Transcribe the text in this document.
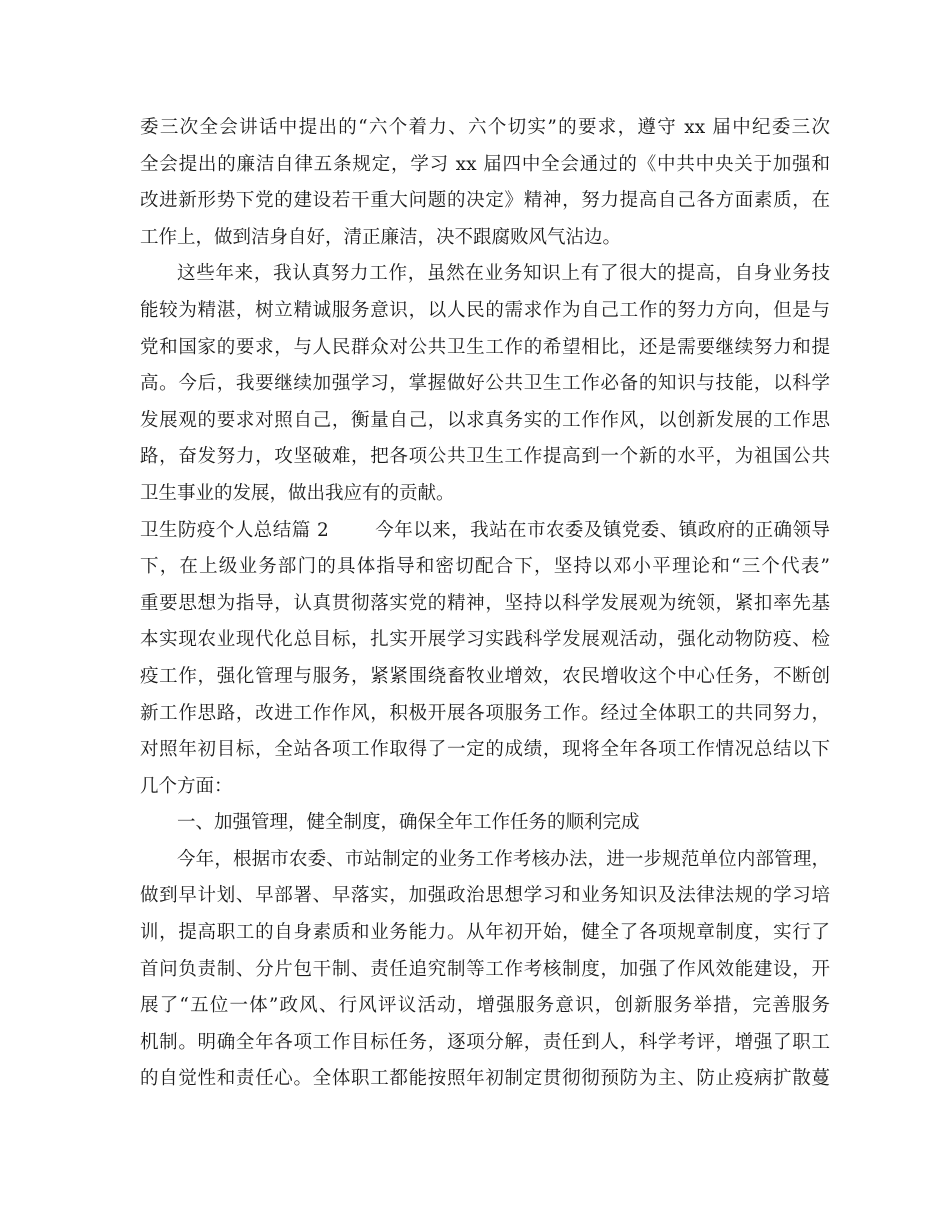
委三次全会讲话中提出的“六个着力、六个切实”的要求，遵守 xx 届中纪委三次
全会提出的廉洁自律五条规定，学习 xx 届四中全会通过的《中共中央关于加强和
改进新形势下党的建设若干重大问题的决定》精神，努力提高自己各方面素质，在
工作上，做到洁身自好，清正廉洁，决不跟腐败风气沾边。
这些年来，我认真努力工作，虽然在业务知识上有了很大的提高，自身业务技
能较为精湛，树立精诚服务意识，以人民的需求作为自己工作的努力方向，但是与
党和国家的要求，与人民群众对公共卫生工作的希望相比，还是需要继续努力和提
高。今后，我要继续加强学习，掌握做好公共卫生工作必备的知识与技能，以科学
发展观的要求对照自己，衡量自己，以求真务实的工作作风，以创新发展的工作思
路，奋发努力，攻坚破难，把各项公共卫生工作提高到一个新的水平，为祖国公共
卫生事业的发展，做出我应有的贡献。
卫生防疫个人总结篇 2 今年以来，我站在市农委及镇党委、镇政府的正确领导
下，在上级业务部门的具体指导和密切配合下，坚持以邓小平理论和“三个代表”
重要思想为指导，认真贯彻落实党的精神，坚持以科学发展观为统领，紧扣率先基
本实现农业现代化总目标，扎实开展学习实践科学发展观活动，强化动物防疫、检
疫工作，强化管理与服务，紧紧围绕畜牧业增效，农民增收这个中心任务，不断创
新工作思路，改进工作作风，积极开展各项服务工作。经过全体职工的共同努力，
对照年初目标，全站各项工作取得了一定的成绩，现将全年各项工作情况总结以下
几个方面：
一、加强管理，健全制度，确保全年工作任务的顺利完成
今年，根据市农委、市站制定的业务工作考核办法，进一步规范单位内部管理，
做到早计划、早部署、早落实，加强政治思想学习和业务知识及法律法规的学习培
训，提高职工的自身素质和业务能力。从年初开始，健全了各项规章制度，实行了
首问负责制、分片包干制、责任追究制等工作考核制度，加强了作风效能建设，开
展了“五位一体”政风、行风评议活动，增强服务意识，创新服务举措，完善服务
机制。明确全年各项工作目标任务，逐项分解，责任到人，科学考评，增强了职工
的自觉性和责任心。全体职工都能按照年初制定贯彻彻预防为主、防止疫病扩散蔓
